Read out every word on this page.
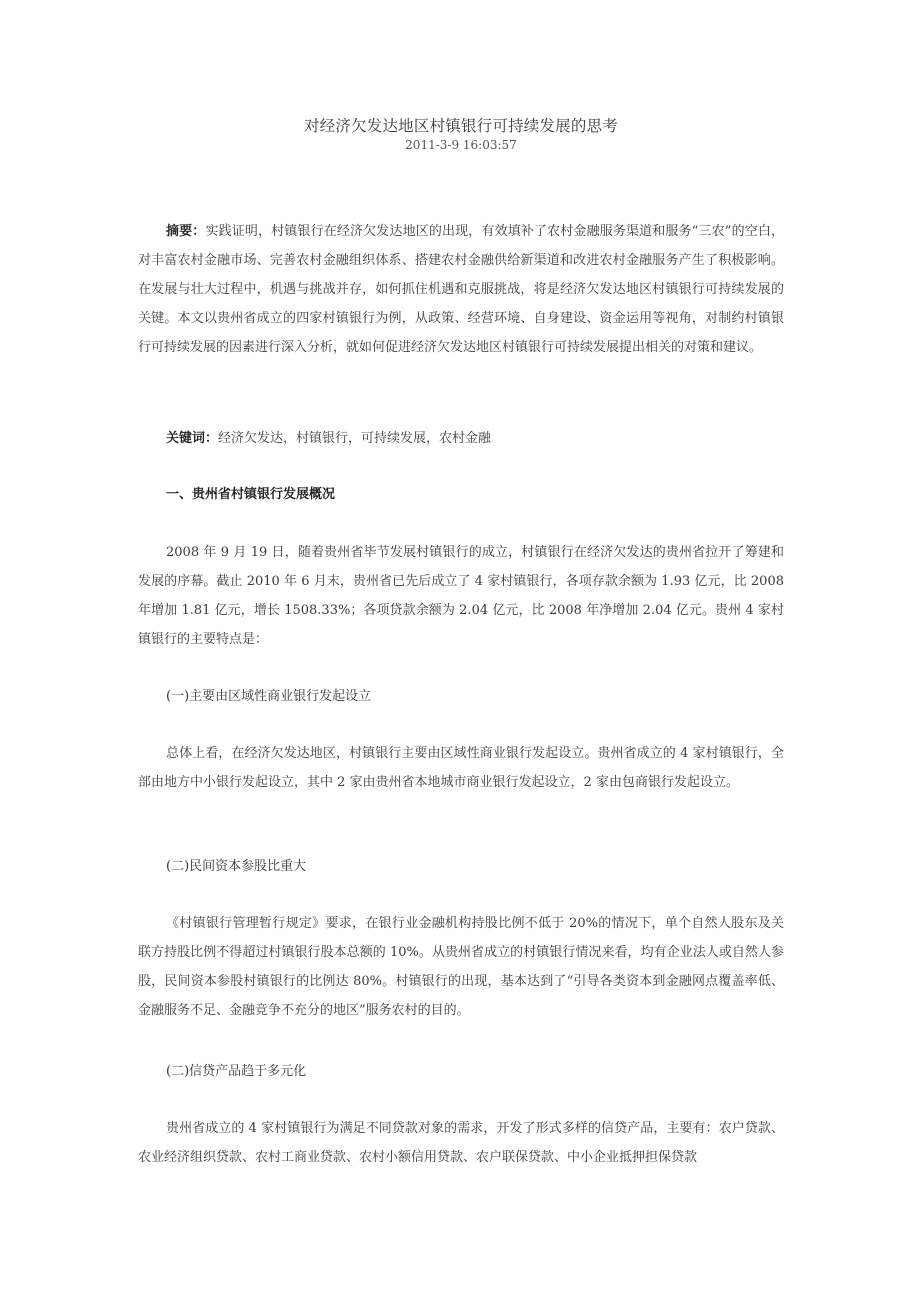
对经济欠发达地区村镇银行可持续发展的思考
2011-3-9 16:03:57

摘要：实践证明，村镇银行在经济欠发达地区的出现，有效填补了农村金融服务渠道和服务“三农”的空白，对丰富农村金融市场、完善农村金融组织体系、搭建农村金融供给新渠道和改进农村金融服务产生了积极影响。在发展与壮大过程中，机遇与挑战并存，如何抓住机遇和克服挑战，将是经济欠发达地区村镇银行可持续发展的关键。本文以贵州省成立的四家村镇银行为例，从政策、经营环境、自身建设、资金运用等视角，对制约村镇银行可持续发展的因素进行深入分析，就如何促进经济欠发达地区村镇银行可持续发展提出相关的对策和建议。

关键词：经济欠发达，村镇银行，可持续发展，农村金融

一、贵州省村镇银行发展概况

2008 年 9 月 19 日，随着贵州省毕节发展村镇银行的成立，村镇银行在经济欠发达的贵州省拉开了筹建和发展的序幕。截止 2010 年 6 月末，贵州省已先后成立了 4 家村镇银行，各项存款余额为 1.93 亿元，比 2008 年增加 1.81 亿元，增长 1508.33%；各项贷款余额为 2.04 亿元，比 2008 年净增加 2.04 亿元。贵州 4 家村镇银行的主要特点是：

(一)主要由区域性商业银行发起设立

总体上看，在经济欠发达地区，村镇银行主要由区域性商业银行发起设立。贵州省成立的 4 家村镇银行，全部由地方中小银行发起设立，其中 2 家由贵州省本地城市商业银行发起设立，2 家由包商银行发起设立。

(二)民间资本参股比重大

《村镇银行管理暂行规定》要求，在银行业金融机构持股比例不低于 20%的情况下，单个自然人股东及关联方持股比例不得超过村镇银行股本总额的 10%。从贵州省成立的村镇银行情况来看，均有企业法人或自然人参股，民间资本参股村镇银行的比例达 80%。村镇银行的出现，基本达到了“引导各类资本到金融网点覆盖率低、金融服务不足、金融竞争不充分的地区”服务农村的目的。

(二)信贷产品趋于多元化

贵州省成立的 4 家村镇银行为满足不同贷款对象的需求，开发了形式多样的信贷产品，主要有：农户贷款、农业经济组织贷款、农村工商业贷款、农村小额信用贷款、农户联保贷款、中小企业抵押担保贷款
